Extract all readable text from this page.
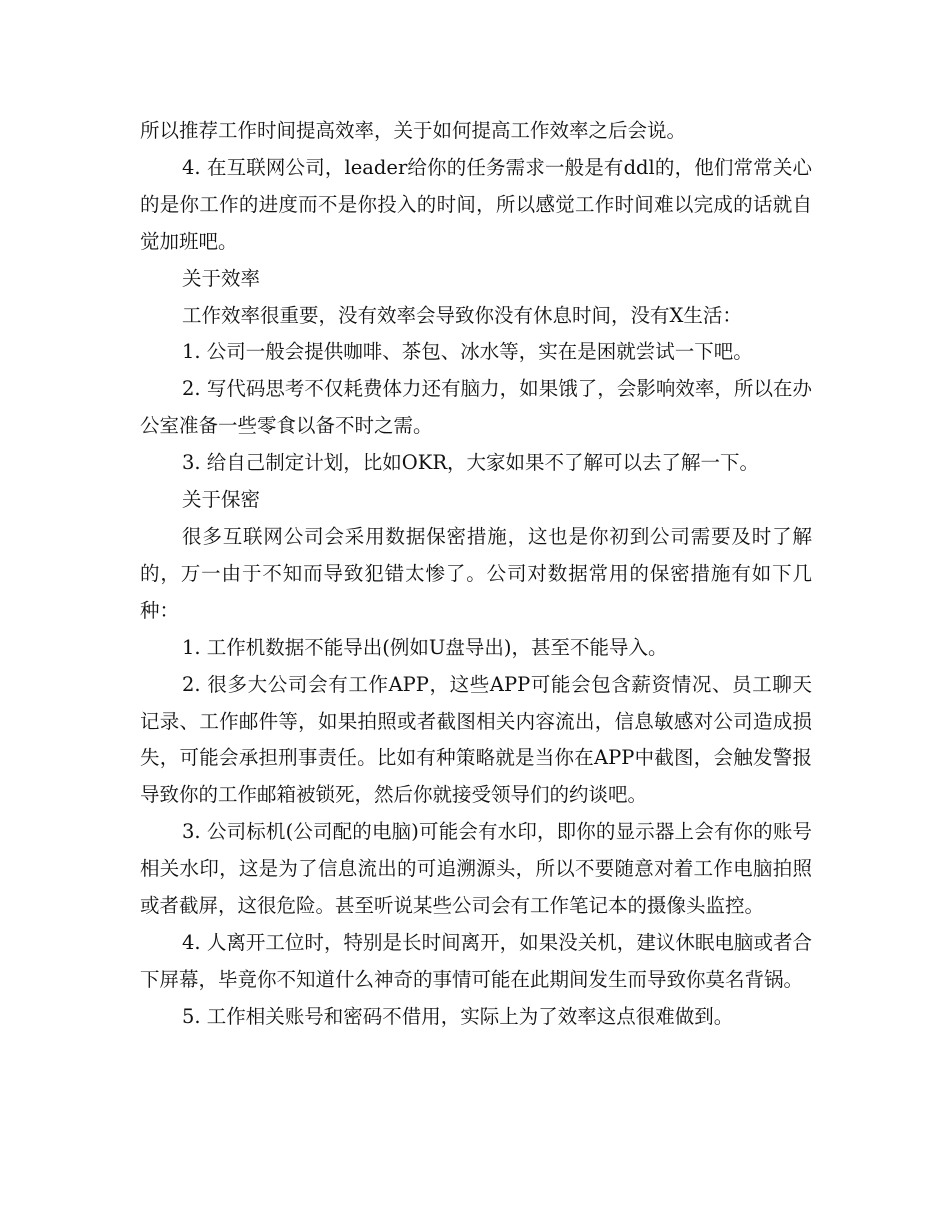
所以推荐工作时间提高效率，关于如何提高工作效率之后会说。

4. 在互联网公司，leader给你的任务需求一般是有ddl的，他们常常关心的是你工作的进度而不是你投入的时间，所以感觉工作时间难以完成的话就自觉加班吧。

关于效率

工作效率很重要，没有效率会导致你没有休息时间，没有X生活：

1. 公司一般会提供咖啡、茶包、冰水等，实在是困就尝试一下吧。

2. 写代码思考不仅耗费体力还有脑力，如果饿了，会影响效率，所以在办公室准备一些零食以备不时之需。

3. 给自己制定计划，比如OKR，大家如果不了解可以去了解一下。

关于保密

很多互联网公司会采用数据保密措施，这也是你初到公司需要及时了解的，万一由于不知而导致犯错太惨了。公司对数据常用的保密措施有如下几种：

1. 工作机数据不能导出(例如U盘导出)，甚至不能导入。

2. 很多大公司会有工作APP，这些APP可能会包含薪资情况、员工聊天记录、工作邮件等，如果拍照或者截图相关内容流出，信息敏感对公司造成损失，可能会承担刑事责任。比如有种策略就是当你在APP中截图，会触发警报导致你的工作邮箱被锁死，然后你就接受领导们的约谈吧。

3. 公司标机(公司配的电脑)可能会有水印，即你的显示器上会有你的账号相关水印，这是为了信息流出的可追溯源头，所以不要随意对着工作电脑拍照或者截屏，这很危险。甚至听说某些公司会有工作笔记本的摄像头监控。

4. 人离开工位时，特别是长时间离开，如果没关机，建议休眠电脑或者合下屏幕，毕竟你不知道什么神奇的事情可能在此期间发生而导致你莫名背锅。

5. 工作相关账号和密码不借用，实际上为了效率这点很难做到。
